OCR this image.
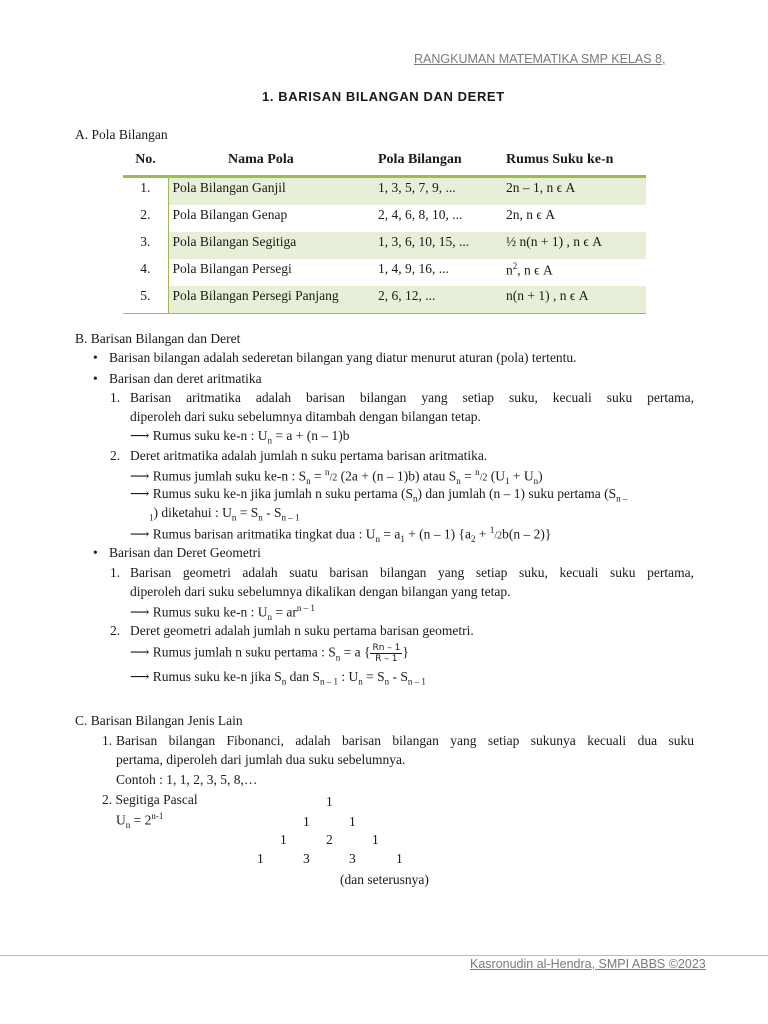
RANGKUMAN MATEMATIKA SMP KELAS 8,
1. BARISAN BILANGAN DAN DERET
A. Pola Bilangan
No.	Nama Pola	Pola Bilangan	Rumus Suku ke-n
1.	Pola Bilangan Ganjil	1, 3, 5, 7, 9, ...	2n – 1, n ϵ A
2.	Pola Bilangan Genap	2, 4, 6, 8, 10, ...	2n, n ϵ A
3.	Pola Bilangan Segitiga	1, 3, 6, 10, 15, ...	½ n(n + 1) , n ϵ A
4.	Pola Bilangan Persegi	1, 4, 9, 16, ...	$n^2$, n ϵ A
5.	Pola Bilangan Persegi Panjang	2, 6, 12, ...	n(n + 1) , n ϵ A
B. Barisan Bilangan dan Deret
• Barisan bilangan adalah sederetan bilangan yang diatur menurut aturan (pola) tertentu.
• Barisan dan deret aritmatika
1. Barisan aritmatika adalah barisan bilangan yang setiap suku, kecuali suku pertama,
diperoleh dari suku sebelumnya ditambah dengan bilangan tetap.
⟶ Rumus suku ke-n : $U_n = a + (n - 1)b$
2. Deret aritmatika adalah jumlah n suku pertama barisan aritmatika.
⟶ Rumus jumlah suku ke-n : $S_n = ^n/2$ (2a + (n – 1)b) atau $S_n = ^n/2$ $(U_1 + U_n)$
⟶ Rumus suku ke-n jika jumlah n suku pertama $(S_n)$ dan jumlah (n – 1) suku pertama ($S_{n -}$
$_1$) diketahui : $U_n = S_n - S_{n - 1}$
⟶ Rumus barisan aritmatika tingkat dua : $U_n = a_1 + (n - 1) \{a_2 + ^1/2b(n - 2)\}$
• Barisan dan Deret Geometri
1. Barisan geometri adalah suatu barisan bilangan yang setiap suku, kecuali suku pertama,
diperoleh dari suku sebelumnya dikalikan dengan bilangan yang tetap.
⟶ Rumus suku ke-n : $U_n = ar^{n - 1}$
2. Deret geometri adalah jumlah n suku pertama barisan geometri.
⟶ Rumus jumlah n suku pertama : $S_n = a$ { $\frac{Rn - 1}{R - 1}$ }
⟶ Rumus suku ke-n jika $S_n$ dan $S_{n - 1}$ : $U_n = S_n - S_{n - 1}$
C. Barisan Bilangan Jenis Lain
1. Barisan bilangan Fibonanci, adalah barisan bilangan yang setiap sukunya kecuali dua suku
pertama, diperoleh dari jumlah dua suku sebelumnya.
Contoh : 1, 1, 2, 3, 5, 8,…
2. Segitiga Pascal
$U_n = 2^{n-1}$
1
1	1
1	2	1
1	3	3	1
(dan seterusnya)
Kasronudin al-Hendra, SMPI ABBS ©2023
